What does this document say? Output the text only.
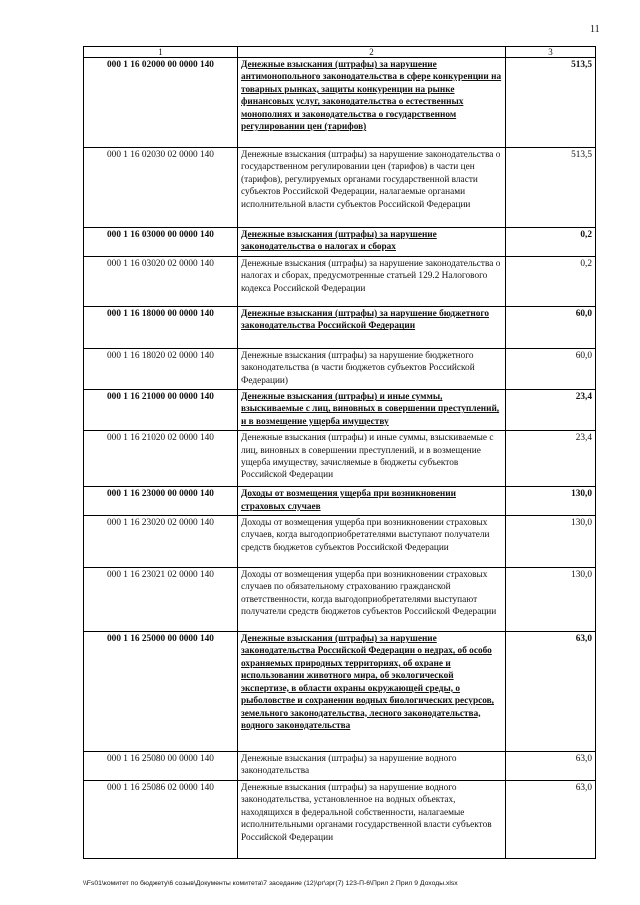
11
1	2	3
000 1 16 02000 00 0000 140	Денежные взыскания (штрафы) за нарушение антимонопольного законодательства в сфере конкуренции на товарных рынках, защиты конкуренции на рынке финансовых услуг, законодательства о естественных монополиях и законодательства о государственном регулировании цен (тарифов)	513,5
000 1 16 02030 02 0000 140	Денежные взыскания (штрафы) за нарушение законодательства о государственном регулировании цен (тарифов) в части цен (тарифов), регулируемых органами государственной власти субъектов Российской Федерации, налагаемые органами исполнительной власти субъектов Российской Федерации	513,5
000 1 16 03000 00 0000 140	Денежные взыскания (штрафы) за нарушение законодательства о налогах и сборах	0,2
000 1 16 03020 02 0000 140	Денежные взыскания (штрафы) за нарушение законодательства о налогах и сборах, предусмотренные статьей 129.2 Налогового кодекса Российской Федерации	0,2
000 1 16 18000 00 0000 140	Денежные взыскания (штрафы) за нарушение бюджетного законодательства Российской Федерации	60,0
000 1 16 18020 02 0000 140	Денежные взыскания (штрафы) за нарушение бюджетного законодательства (в части бюджетов субъектов Российской Федерации)	60,0
000 1 16 21000 00 0000 140	Денежные взыскания (штрафы) и иные суммы, взыскиваемые с лиц, виновных в совершении преступлений, и в возмещение ущерба имуществу	23,4
000 1 16 21020 02 0000 140	Денежные взыскания (штрафы) и иные суммы, взыскиваемые с лиц, виновных в совершении преступлений, и в возмещение ущерба имуществу, зачисляемые в бюджеты субъектов Российской Федерации	23,4
000 1 16 23000 00 0000 140	Доходы от возмещения ущерба при возникновении страховых случаев	130,0
000 1 16 23020 02 0000 140	Доходы от возмещения ущерба при возникновении страховых случаев, когда выгодоприобретателями выступают получатели средств бюджетов субъектов Российской Федерации	130,0
000 1 16 23021 02 0000 140	Доходы от возмещения ущерба при возникновении страховых случаев по обязательному страхованию гражданской ответственности, когда выгодоприобретателями выступают получатели средств бюджетов субъектов Российской Федерации	130,0
000 1 16 25000 00 0000 140	Денежные взыскания (штрафы) за нарушение законодательства Российской Федерации о недрах, об особо охраняемых природных территориях, об охране и использовании животного мира, об экологической экспертизе, в области охраны окружающей среды, о рыболовстве и сохранении водных биологических ресурсов, земельного законодательства, лесного законодательства, водного законодательства	63,0
000 1 16 25080 00 0000 140	Денежные взыскания (штрафы) за нарушение водного законодательства	63,0
000 1 16 25086 02 0000 140	Денежные взыскания (штрафы) за нарушение водного законодательства, установленное на водных объектах, находящихся в федеральной собственности, налагаемые исполнительными органами государственной власти субъектов Российской Федерации	63,0
\\Fs01\комитет по бюджету\6 созыв\Документы комитета\7 заседание (12)\рг\зрг(7) 123-П-6\Прил 2 Прил 9 Доходы.xlsx
